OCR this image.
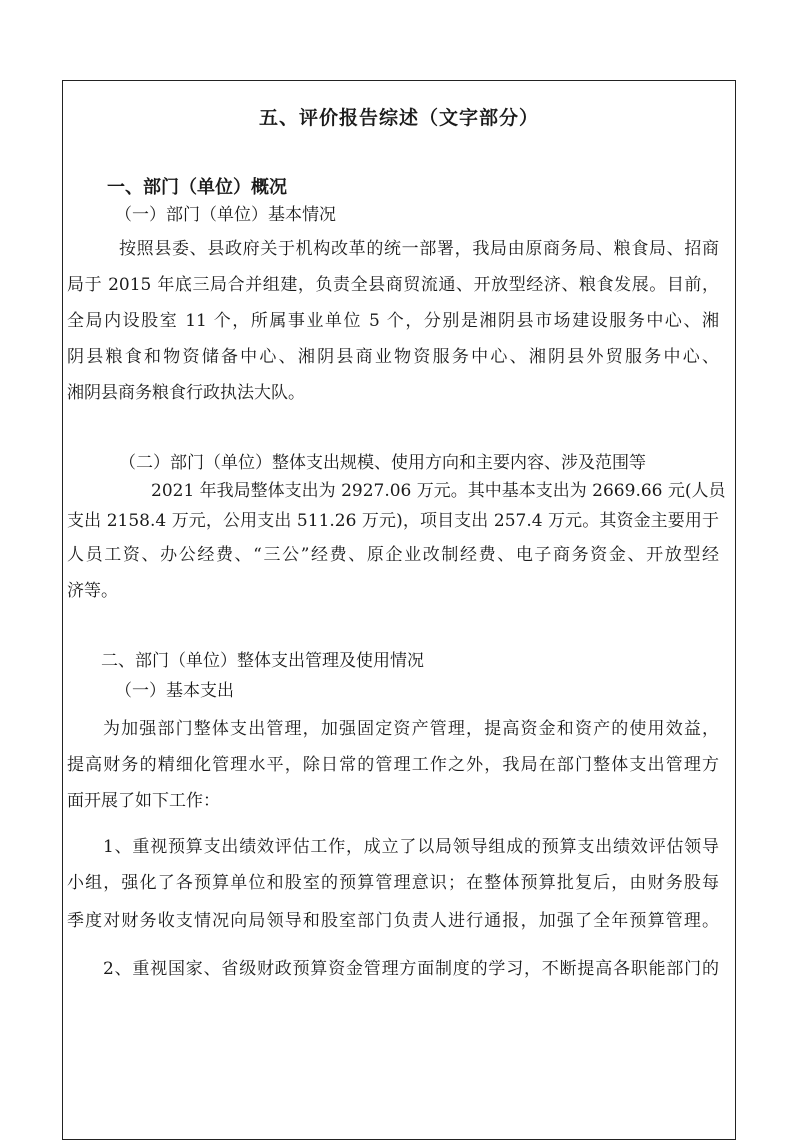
五、评价报告综述（文字部分）
一、部门（单位）概况
（一）部门（单位）基本情况
按照县委、县政府关于机构改革的统一部署，我局由原商务局、粮食局、招商
局于 2015 年底三局合并组建，负责全县商贸流通、开放型经济、粮食发展。目前，
全局内设股室 11 个，所属事业单位 5 个，分别是湘阴县市场建设服务中心、湘
阴县粮食和物资储备中心、湘阴县商业物资服务中心、湘阴县外贸服务中心、
湘阴县商务粮食行政执法大队。
（二）部门（单位）整体支出规模、使用方向和主要内容、涉及范围等
2021 年我局整体支出为 2927.06 万元。其中基本支出为 2669.66 元(人员
支出 2158.4 万元，公用支出 511.26 万元)，项目支出 257.4 万元。其资金主要用于
人员工资、办公经费、“三公”经费、原企业改制经费、电子商务资金、开放型经
济等。
二、部门（单位）整体支出管理及使用情况
（一）基本支出
为加强部门整体支出管理，加强固定资产管理，提高资金和资产的使用效益，
提高财务的精细化管理水平，除日常的管理工作之外，我局在部门整体支出管理方
面开展了如下工作：
1、重视预算支出绩效评估工作，成立了以局领导组成的预算支出绩效评估领导
小组，强化了各预算单位和股室的预算管理意识；在整体预算批复后，由财务股每
季度对财务收支情况向局领导和股室部门负责人进行通报，加强了全年预算管理。
2、重视国家、省级财政预算资金管理方面制度的学习，不断提高各职能部门的
